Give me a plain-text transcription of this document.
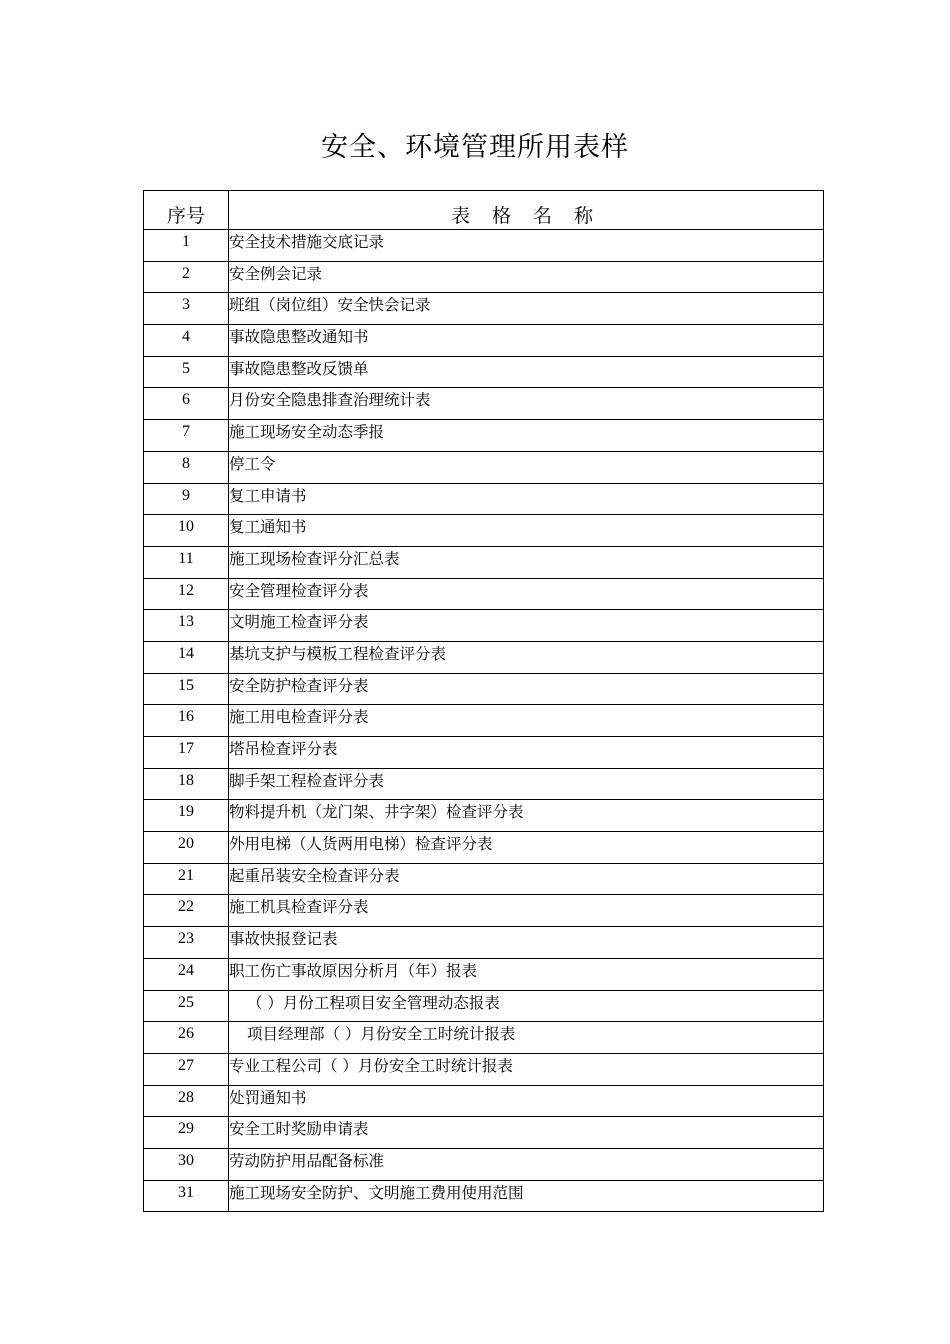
安全、环境管理所用表样
序号	表 格 名 称
1	安全技术措施交底记录
2	安全例会记录
3	班组（岗位组）安全快会记录
4	事故隐患整改通知书
5	事故隐患整改反馈单
6	月份安全隐患排查治理统计表
7	施工现场安全动态季报
8	停工令
9	复工申请书
10	复工通知书
11	施工现场检查评分汇总表
12	安全管理检查评分表
13	文明施工检查评分表
14	基坑支护与模板工程检查评分表
15	安全防护检查评分表
16	施工用电检查评分表
17	塔吊检查评分表
18	脚手架工程检查评分表
19	物料提升机（龙门架、井字架）检查评分表
20	外用电梯（人货两用电梯）检查评分表
21	起重吊装安全检查评分表
22	施工机具检查评分表
23	事故快报登记表
24	职工伤亡事故原因分析月（年）报表
25	（ ）月份工程项目安全管理动态报表
26	项目经理部（ ）月份安全工时统计报表
27	专业工程公司（ ）月份安全工时统计报表
28	处罚通知书
29	安全工时奖励申请表
30	劳动防护用品配备标准
31	施工现场安全防护、文明施工费用使用范围
